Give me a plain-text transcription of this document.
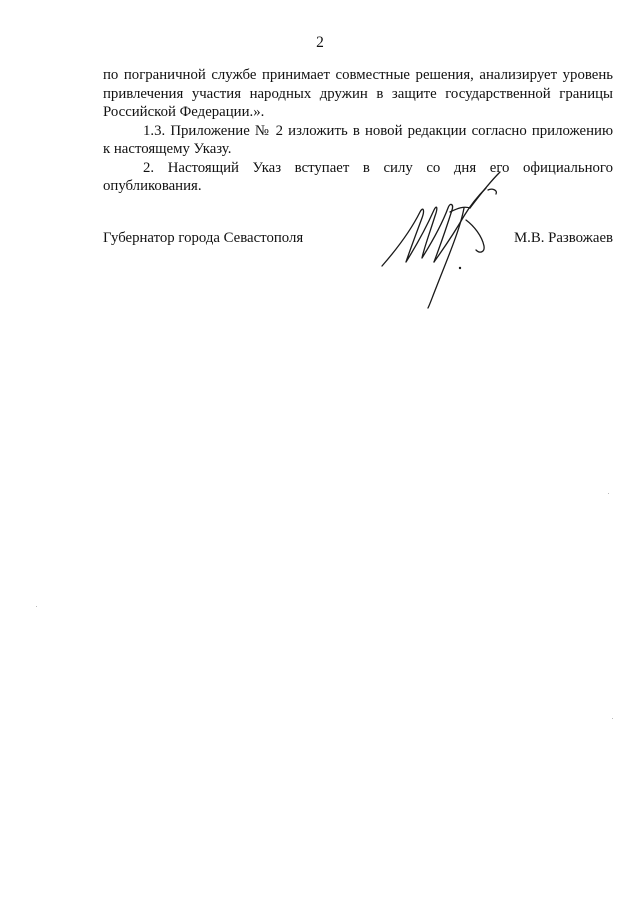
2

по пограничной службе принимает совместные решения, анализирует уровень
привлечения участия народных дружин в защите государственной границы
Российской Федерации.».

1.3. Приложение № 2 изложить в новой редакции согласно приложению
к настоящему Указу.

2. Настоящий Указ вступает в силу со дня его официального
опубликования.

Губернатор города Севастополя	М.В. Развожаев
